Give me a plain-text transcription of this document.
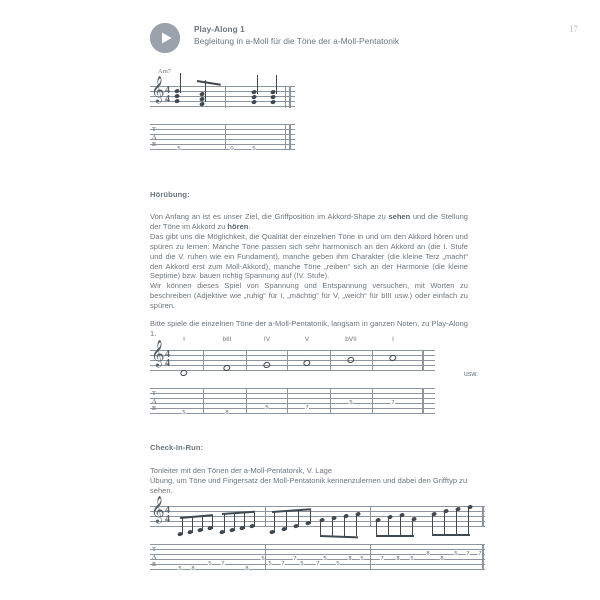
Play-Along 1
Begleitung in a-Moll für die Töne der a-Moll-Pentatonik
17
Am7
𝄞 4
4
T
A
B
5	0	5
Hörübung:

Von Anfang an ist es unser Ziel, die Griffposition im Akkord-Shape zu sehen und die Stellung der Töne im Akkord zu hören.

Das gibt uns die Möglichkeit, die Qualität der einzelnen Töne in und um den Akkord hören und spüren zu lernen: Manche Töne passen sich sehr harmonisch an den Akkord an (die I. Stufe und die V. ruhen wie ein Fundament), manche geben ihm Charakter (die kleine Terz „macht“ den Akkord erst zum Moll-Akkord), manche Töne „reiben“ sich an der Harmonie (die kleine Septime) bzw. bauen richtig Spannung auf (IV. Stufe).

Wir können dieses Spiel von Spannung und Entspannung versuchen, mit Worten zu beschreiben (Adjektive wie „ruhig“ für I, „mächtig“ für V, „weich“ für bIII usw.) oder einfach zu spüren.

Bitte spiele die einzelnen Töne der a-Moll-Pentatonik, langsam in ganzen Noten, zu Play-Along 1.

I	bIII	IV	V	bVII	I
𝄞 4
4
T
A
B
5	8
5	7
5	7
usw.
Check-In-Run:

Tonleiter mit den Tönen der a-Moll-Pentatonik, V. Lage

Übung, um Töne und Fingersatz der Moll-Pentatonik kennenzulernen und dabei den Grifftyp zu sehen.

𝄞 4
4
T
A
B
5 8	8
5 7	5 7	5 7	5
7
5	7	5	8 5	8 5
8
8
5 7 7
